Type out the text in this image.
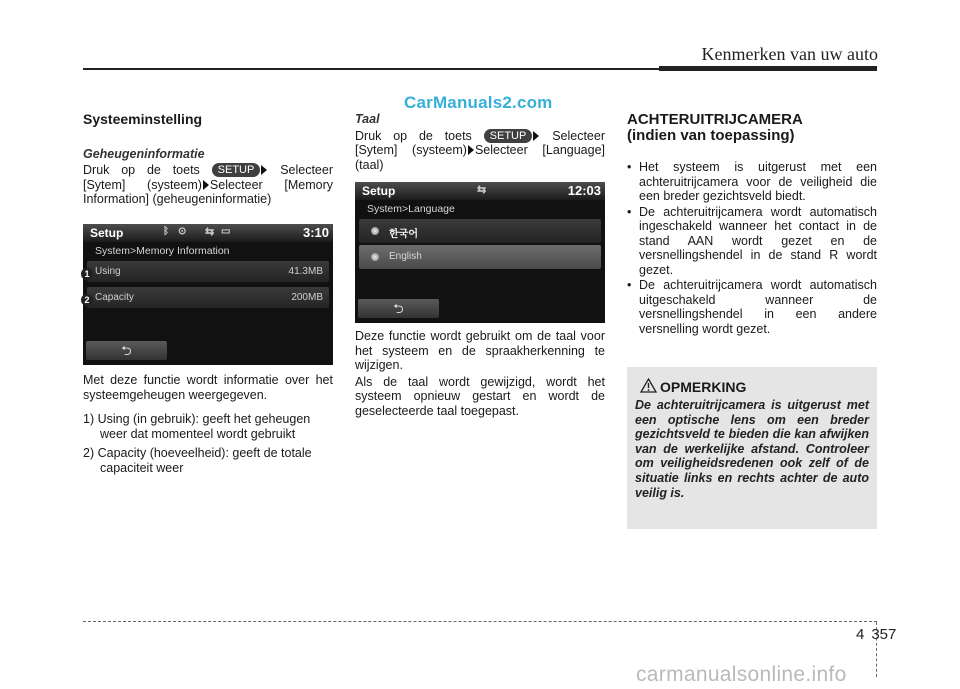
Kenmerken van uw auto
CarManuals2.com
Systeeminstelling
Geheugeninformatie
Druk op de toets SETUP Selecteer [Sytem] (systeem) Selecteer [Memory Information] (geheugeninformatie)
Setup	ᛒ ⊙ ⇆ ▭	3:10
System>Memory Information
Using	41.3MB
Capacity	200MB
⮌
1
2
Met deze functie wordt informatie over het systeemgeheugen weergegeven.
1) Using (in gebruik): geeft het geheugen weer dat momenteel wordt gebruikt
2) Capacity (hoeveelheid): geeft de totale capaciteit weer
Taal
Druk op de toets SETUP Selecteer [Sytem] (systeem) Selecteer [Language] (taal)
Setup	⇆	12:03
System>Language
한국어
English
⮌
Deze functie wordt gebruikt om de taal voor het systeem en de spraakherkenning te wijzigen.
Als de taal wordt gewijzigd, wordt het systeem opnieuw gestart en wordt de geselecteerde taal toegepast.
ACHTERUITRIJCAMERA
(indien van toepassing)
• Het systeem is uitgerust met een achteruitrijcamera voor de veiligheid die een breder gezichtsveld biedt.
• De achteruitrijcamera wordt automatisch ingeschakeld wanneer het contact in de stand AAN wordt gezet en de versnellingshendel in de stand R wordt gezet.
• De achteruitrijcamera wordt automatisch uitgeschakeld wanneer de versnellingshendel in een andere versnelling wordt gezet.
OPMERKING
De achteruitrijcamera is uitgerust met een optische lens om een breder gezichtsveld te bieden die kan afwijken van de werkelijke afstand. Controleer om veiligheidsredenen ook zelf of de situatie links en rechts achter de auto veilig is.
4 357
carmanualsonline.info
